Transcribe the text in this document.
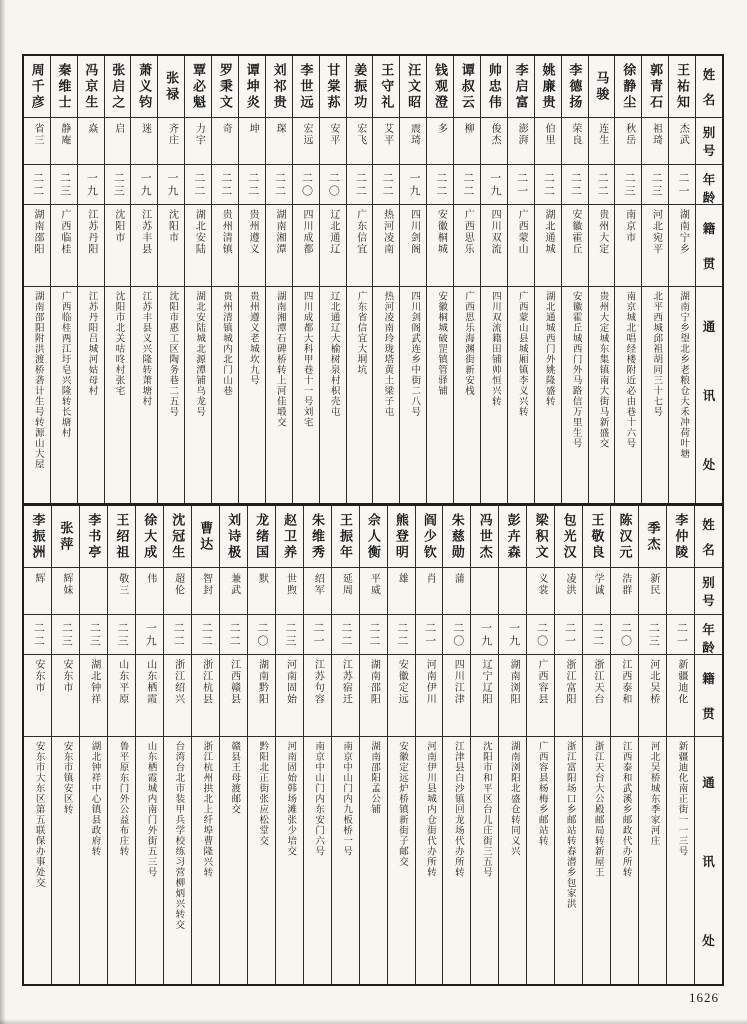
姓
名
别
号
年
龄
籍
贯
通
讯
处
王祐知
杰武
二一
湖南宁乡
湖南宁乡望北乡老粮仓大禾冲荷叶塘
郭青石
祖琦
二三
河北宛平
北平西城邱祖胡同三十七号
徐静尘
秋岳
二三
南京市
南京城北唱经楼附近必由巷十六号
马骏
连生
二二
贵州大定
贵州大定城东集镇南大街马新盛交
李德扬
荣良
二二
安徽霍丘
安徽霍丘城西门外马路信万里生号
姚廉贵
伯里
二二
湖北通城
湖北通城西门外姚隆盛转
李启富
澎湃
二一
广西蒙山
广西蒙山县城厢镇李义兴转
帅忠伟
俊杰
一九
四川双流
四川双流籍田铺帅恒兴转
谭叔云
柳
二二
广西思乐
广西思乐海渊街新安栈
钱观澄
多
二二
安徽桐城
安徽桐城破罡镇管驿铺
汪文昭
震琦
一九
四川剑阁
四川剑阁武连乡中街二八号
王守礼
艾平
二二
热河凌南
热河凌南玲珑塔黄土梁子屯
姜振功
宏飞
二二
广东信宜
广东省信宜大垌坑
甘棠荪
安平
二〇
辽北通辽
辽北通辽大榆树泉村枳壳屯
李世远
宏远
二〇
四川成都
四川成都大科甲巷十一号刘宅
刘祁贵
琛
二二
湖南湘潭
湖南湘潭石碑桥转上河佳塅交
谭坤炎
坤
二二
贵州遵义
贵州遵义老城坎九号
罗秉文
奇
二二
贵州清镇
贵州清镇城内北门山巷
覃必魁
力宇
二二
湖北安陆
湖北安陆城北源潭铺乌龙号
张禄
齐庄
一九
沈阳市
沈阳市惠工区陶务巷二五号
萧义钧
迷
一九
江苏丰县
江苏丰县义兴隆转萧塘村
张启之
启
二三
沈阳市
沈阳市北关咕咚村张宅
冯京生
焱
一九
江苏丹阳
江苏丹阳吕城河姑母村
秦维士
静庵
二三
广西临桂
广西临桂两江圩皂兴隆转长塘村
周千彦
省三
二二
湖南邵阳
湖南邵阳附洪渡桥砻计生号转源山大屋
姓
名
别
号
年
龄
籍
贯
通
讯
处
李仲陵
二一
新疆迪化
新疆迪化南正街一一三号
季杰
新民
二三
河北吴桥
河北吴桥城东季家河庄
陈汉元
浩群
二〇
江西泰和
江西泰和武溪乡邮政代办所转
王敬良
学诚
二二
浙江天台
浙江天台大公殿邮局转新屋王
包光汉
凌洪
二一
浙江富阳
浙江富阳场口乡邮站转春潜乡包家洪
梁积文
义裳
二〇
广西容县
广西容县杨梅乡邮站转
彭卉森
一九
湖南浏阳
湖南浏阳北盛仓转同义兴
冯世杰
一九
辽宁辽阳
沈阳市和平区台儿庄街三五号
朱慈勋
蒲
二〇
四川江津
江津县白沙镇回龙场代办所转
阎少钦
肖
二一
河南伊川
河南伊川县城内仓街代办所转
熊登明
雄
二二
安徽定远
安徽定远炉桥镇新街子邮交
佘人衡
平威
二二
湖南邵阳
湖南邵阳孟公铺
王振年
延周
二二
江苏宿迁
南京中山门内九板桥一号
朱维秀
绍军
二一
江苏句容
南京中山门内东安门六号
赵卫养
世煦
二三
河南固始
河南固始韩场滩张少培交
龙绪国
默
二〇
湖南黔阳
黔阳北正街张应松堂交
刘诗极
兼武
二二
江西赣县
赣县王母渡邮交
曹达
智封
二二
浙江杭县
浙江杭州拱北上纤埠曹隆兴转
沈冠生
超伦
二二
浙江绍兴
台湾台北市装甲兵学校练习营柳炳兴转交
徐大成
伟
一九
山东栖霞
山东栖霞城内南门外街五三号
王绍祖
敬三
二三
山东平原
鲁平原东门外公益布庄转
李书亭
二三
湖北钟祥
湖北钟祥中心镇县政府转
张萍
辉妹
二三
安东市
安东市镇安区转
李振洲
辉
二二
安东市
安东市大东区第五联保办事处交
1626
